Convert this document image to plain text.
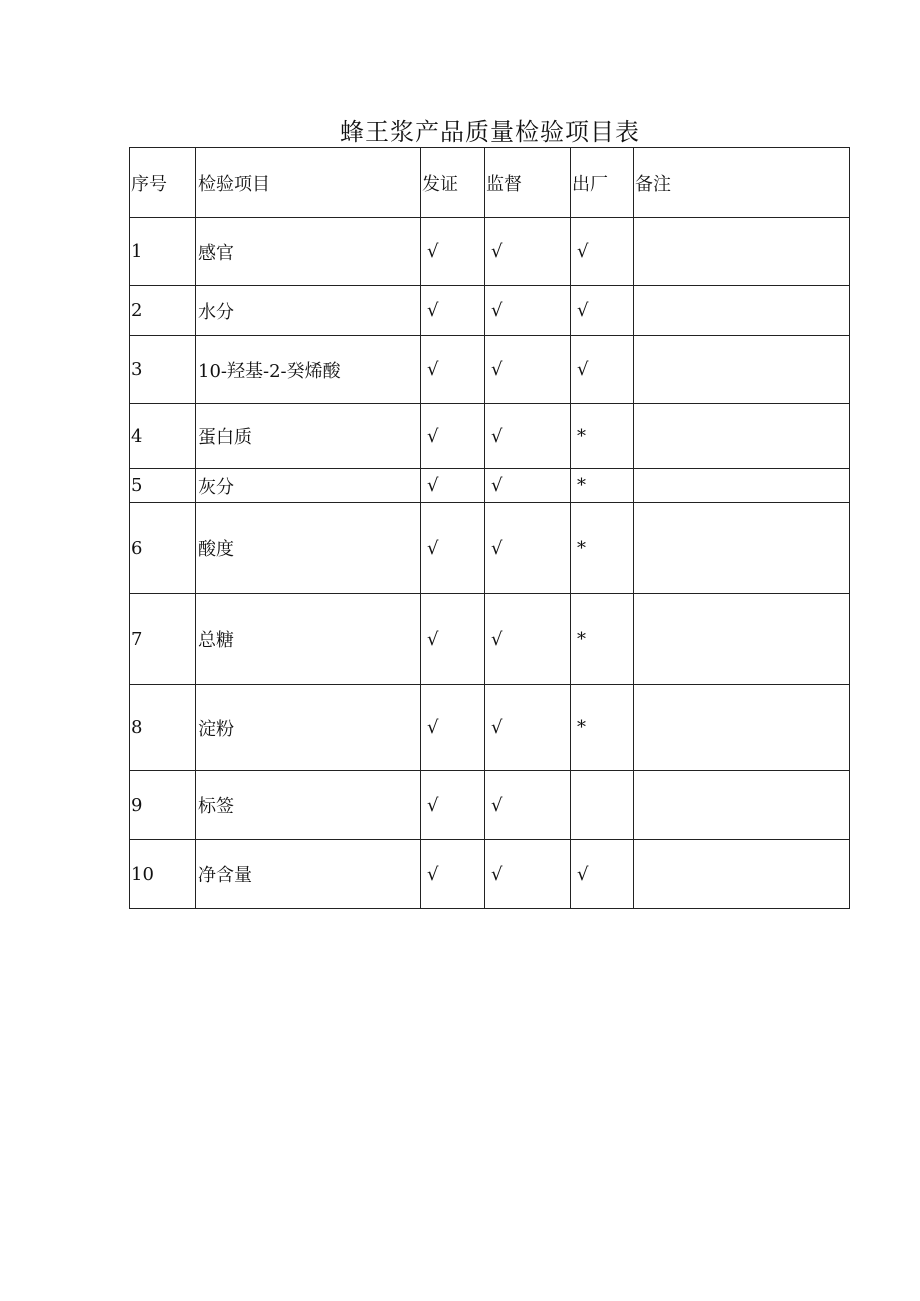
蜂王浆产品质量检验项目表
序号	检验项目	发证	监督	出厂	备注
1	感官	√	√	√	
2	水分	√	√	√	
3	10-羟基-2-癸烯酸	√	√	√	
4	蛋白质	√	√	*	
5	灰分	√	√	*	
6	酸度	√	√	*	
7	总糖	√	√	*	
8	淀粉	√	√	*	
9	标签	√	√		
10	净含量	√	√	√	
